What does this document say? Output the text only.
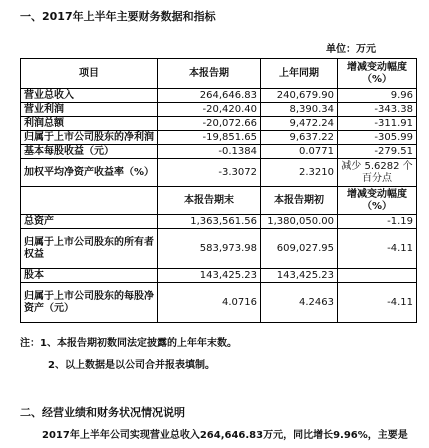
一、2017年上半年主要财务数据和指标
单位：万元
项目	本报告期	上年同期	增减变动幅度（%）
营业总收入	264,646.83	240,679.90	9.96
营业利润	-20,420.40	8,390.34	-343.38
利润总额	-20,072.66	9,472.24	-311.91
归属于上市公司股东的净利润	-19,851.65	9,637.22	-305.99
基本每股收益（元）	-0.1384	0.0771	-279.51
加权平均净资产收益率（%）	-3.3072	2.3210	减少 5.6282 个百分点
	本报告期末	本报告期初	增减变动幅度（%）
总资产	1,363,561.56	1,380,050.00	-1.19
归属于上市公司股东的所有者权益	583,973.98	609,027.95	-4.11
股本	143,425.23	143,425.23	
归属于上市公司股东的每股净资产（元）	4.0716	4.2463	-4.11
注：1、本报告期初数同法定披露的上年年末数。
2、以上数据是以公司合并报表填制。
二、经营业绩和财务状况情况说明
2017年上半年公司实现营业总收入264,646.83万元，同比增长9.96%，主要是
